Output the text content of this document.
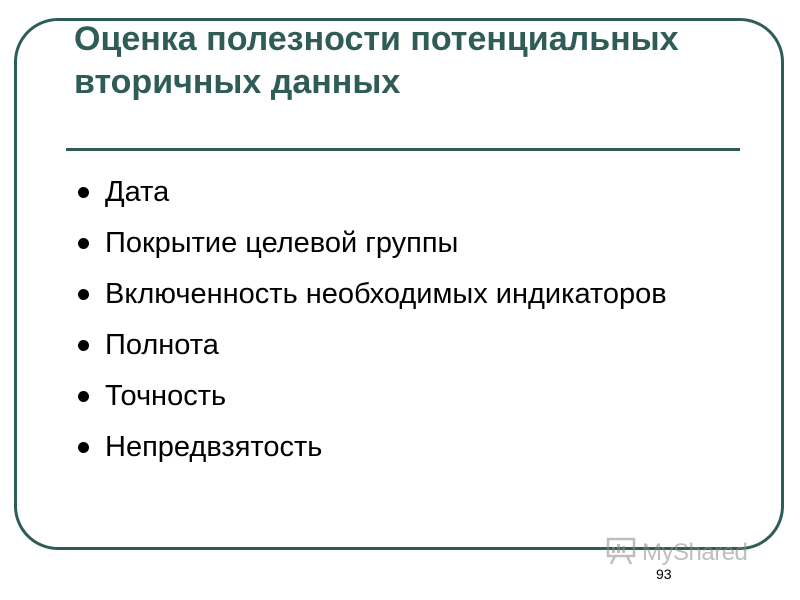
Оценка полезности потенциальных вторичных данных
Дата
Покрытие целевой группы
Включенность необходимых индикаторов
Полнота
Точность
Непредвзятость
MyShared
93
